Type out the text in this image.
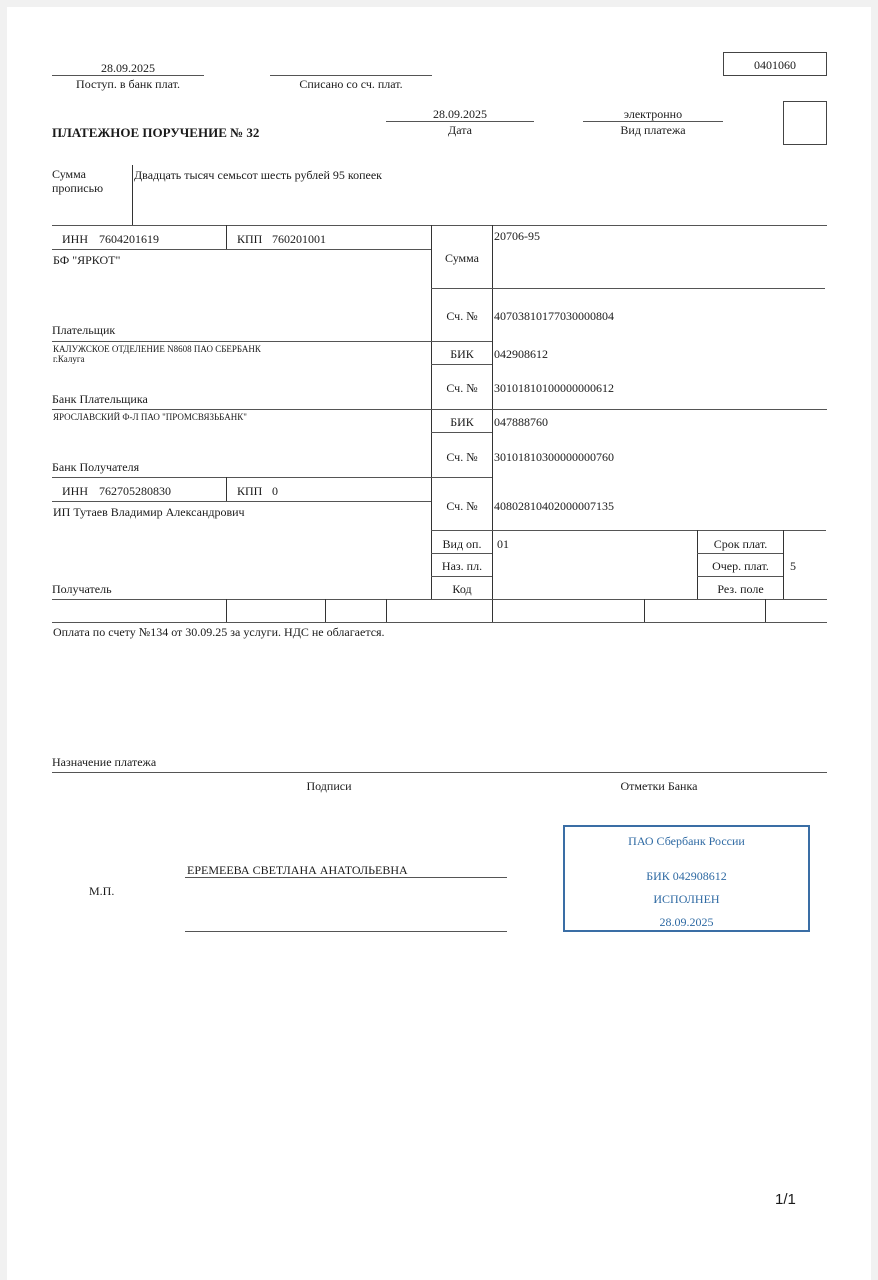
28.09.2025
Поступ. в банк плат.	Списано со сч. плат.
0401060
28.09.2025
Дата
электронно
Вид платежа
ПЛАТЕЖНОЕ ПОРУЧЕНИЕ № 32
Сумма
прописью
Двадцать тысяч семьсот шесть рублей 95 копеек
ИНН 7604201619	КПП 760201001
БФ "ЯРКОТ"
Плательщик
Сумма
20706-95
Сч. №	40703810177030000804
КАЛУЖСКОЕ ОТДЕЛЕНИЕ N8608 ПАО СБЕРБАНК
г.Калуга
Банк Плательщика
БИК	042908612
Сч. №	30101810100000000612
ЯРОСЛАВСКИЙ Ф-Л ПАО "ПРОМСВЯЗЬБАНК"
Банк Получателя
БИК	047888760
Сч. №	30101810300000000760
ИНН 762705280830	КПП 0
ИП Тутаев Владимир Александрович
Получатель
Сч. №	40802810402000007135
Вид оп.	01
Наз. пл.
Код
Срок плат.
Очер. плат.	5
Рез. поле
Оплата по счету №134 от 30.09.25 за услуги. НДС не облагается.
Назначение платежа
Подписи	Отметки Банка
ЕРЕМЕЕВА СВЕТЛАНА АНАТОЛЬЕВНА
М.П.
ПАО Сбербанк России
БИК 042908612
ИСПОЛНЕН
28.09.2025
1/1
